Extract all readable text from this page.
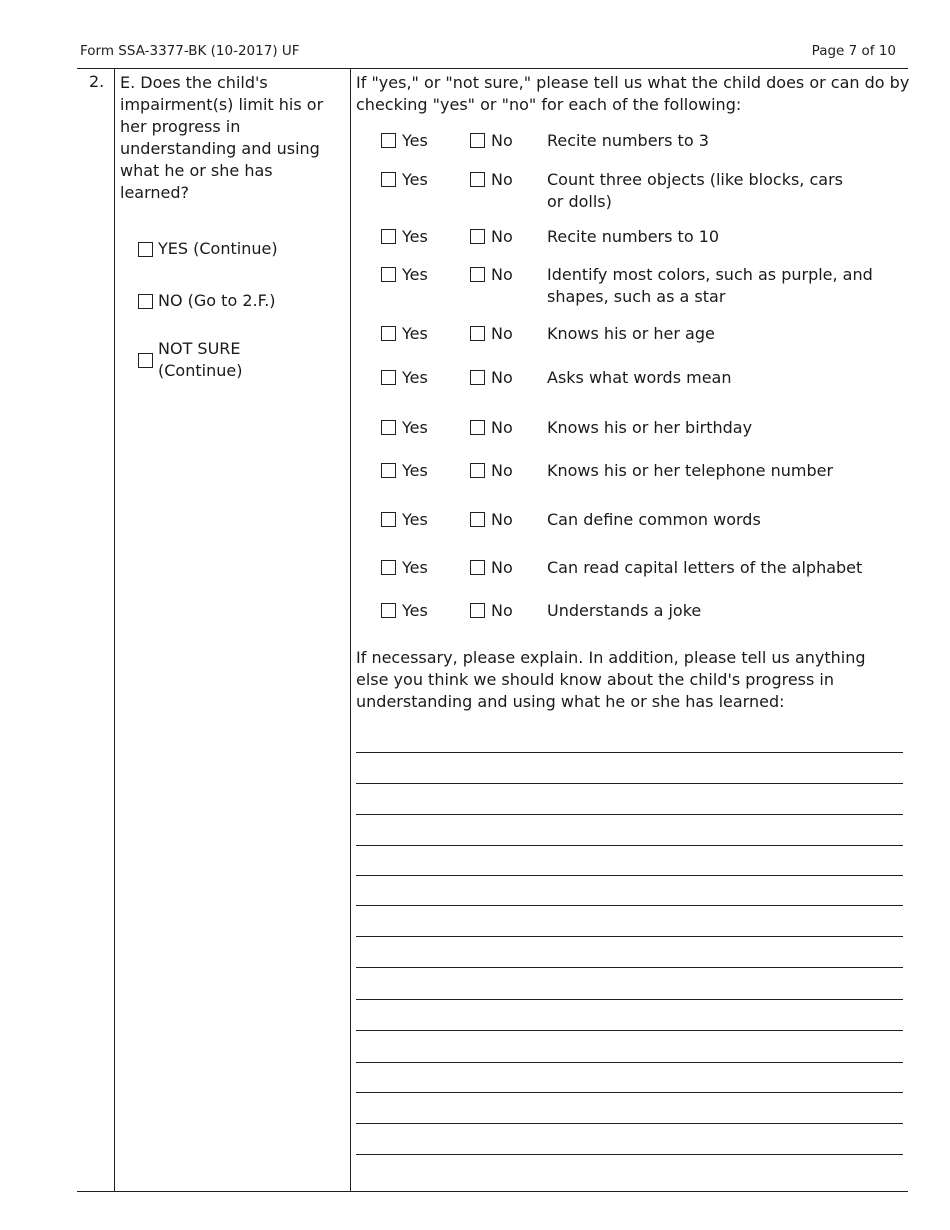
Form SSA-3377-BK (10-2017) UF	Page 7 of 10
2. E. Does the child's impairment(s) limit his or her progress in understanding and using what he or she has learned?
YES (Continue)
NO (Go to 2.F.)
NOT SURE (Continue)
If "yes," or "not sure," please tell us what the child does or can do by checking "yes" or "no" for each of the following:
Yes	No Recite numbers to 3
Yes	No Count three objects (like blocks, cars or dolls)
Yes	No Recite numbers to 10
Yes	No Identify most colors, such as purple, and shapes, such as a star
Yes	No Knows his or her age
Yes	No Asks what words mean
Yes	No Knows his or her birthday
Yes	No Knows his or her telephone number
Yes	No Can define common words
Yes	No Can read capital letters of the alphabet
Yes	No Understands a joke
If necessary, please explain. In addition, please tell us anything else you think we should know about the child's progress in understanding and using what he or she has learned:
